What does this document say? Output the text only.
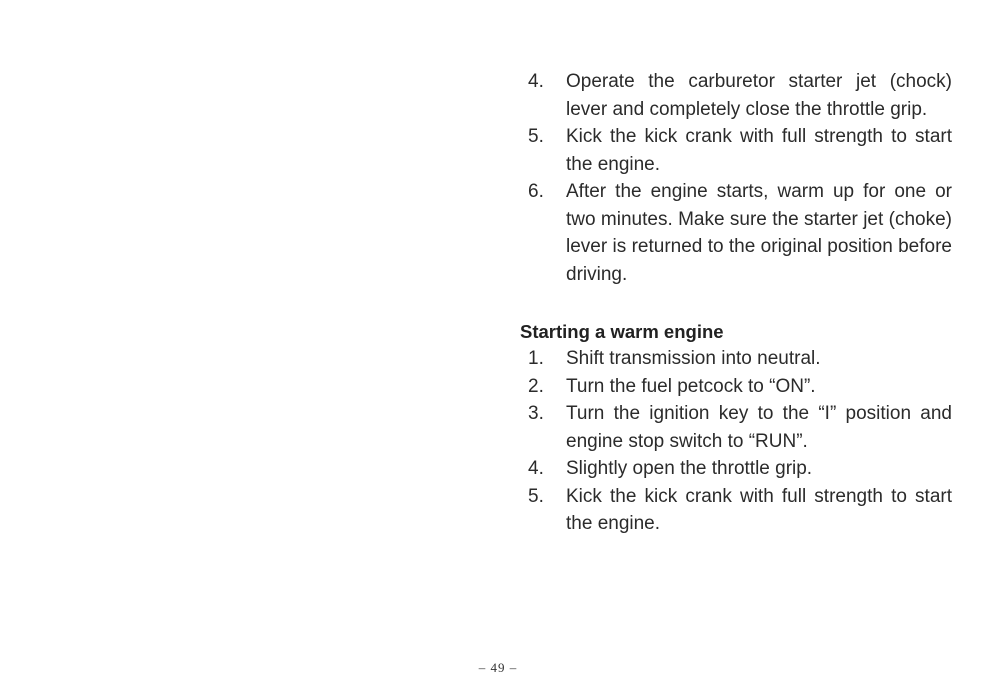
4. Operate the carburetor starter jet (chock) lever and completely close the throttle grip.
5. Kick the kick crank with full strength to start the engine.
6. After the engine starts, warm up for one or two minutes. Make sure the starter jet (choke) lever is returned to the original position before driving.
Starting a warm engine
1. Shift transmission into neutral.
2. Turn the fuel petcock to “ON”.
3. Turn the ignition key to the “I” position and engine stop switch to “RUN”.
4. Slightly open the throttle grip.
5. Kick the kick crank with full strength to start the engine.
– 49 –
